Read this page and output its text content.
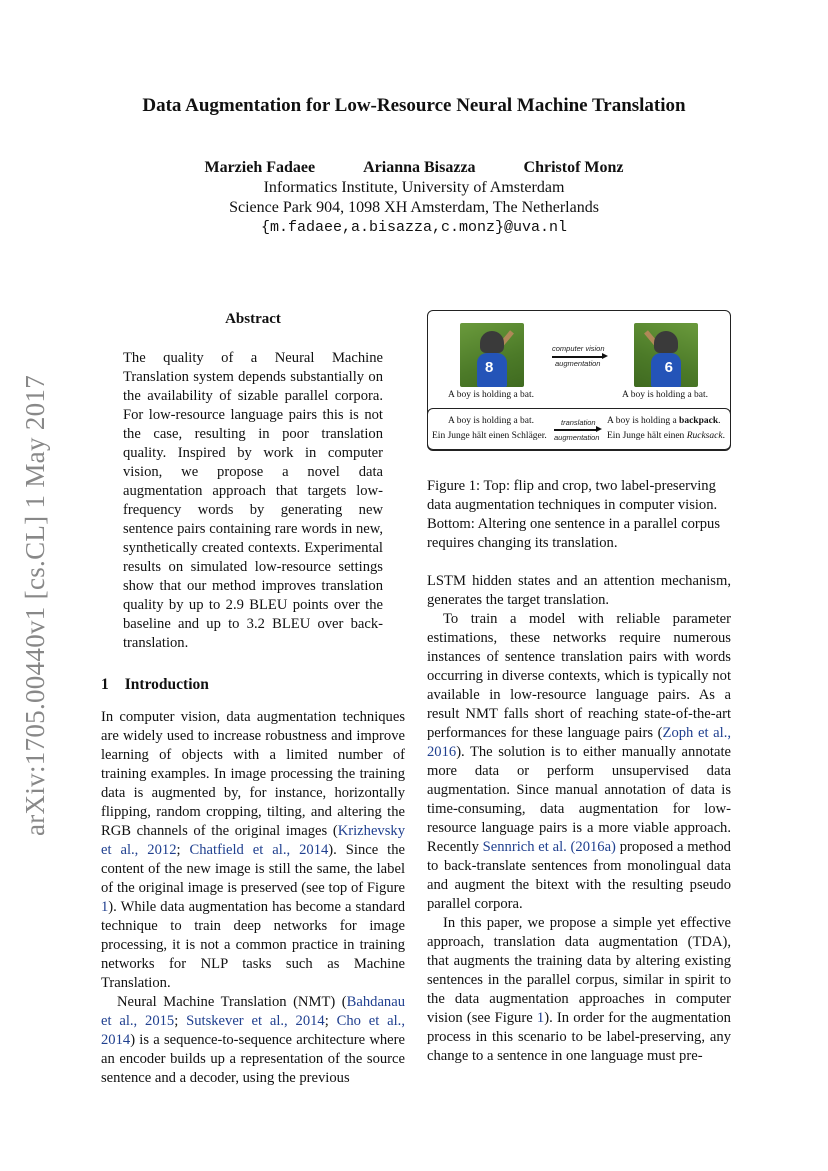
arXiv:1705.00440v1 [cs.CL] 1 May 2017
Data Augmentation for Low-Resource Neural Machine Translation
Marzieh Fadaee	Arianna Bisazza	Christof Monz
Informatics Institute, University of Amsterdam
Science Park 904, 1098 XH Amsterdam, The Netherlands
{m.fadaee,a.bisazza,c.monz}@uva.nl

Abstract

The quality of a Neural Machine Translation system depends substantially on the availability of sizable parallel corpora. For low-resource language pairs this is not the case, resulting in poor translation quality. Inspired by work in computer vision, we propose a novel data augmentation approach that targets low-frequency words by generating new sentence pairs containing rare words in new, synthetically created contexts. Experimental results on simulated low-resource settings show that our method improves translation quality by up to 2.9 BLEU points over the baseline and up to 3.2 BLEU over back-translation.

1 Introduction

In computer vision, data augmentation techniques are widely used to increase robustness and improve learning of objects with a limited number of training examples. In image processing the training data is augmented by, for instance, horizontally flipping, random cropping, tilting, and altering the RGB channels of the original images (Krizhevsky et al., 2012; Chatfield et al., 2014). Since the content of the new image is still the same, the label of the original image is preserved (see top of Figure 1). While data augmentation has become a standard technique to train deep networks for image processing, it is not a common practice in training networks for NLP tasks such as Machine Translation.

Neural Machine Translation (NMT) (Bahdanau et al., 2015; Sutskever et al., 2014; Cho et al., 2014) is a sequence-to-sequence architecture where an encoder builds up a representation of the source sentence and a decoder, using the previous

8
A boy is holding a bat.
computer vision
augmentation	6
A boy is holding a bat.
A boy is holding a bat.
Ein Junge hält einen Schläger.
translation
augmentation
A boy is holding a backpack.
Ein Junge hält einen Rucksack.

Figure 1: Top: flip and crop, two label-preserving data augmentation techniques in computer vision. Bottom: Altering one sentence in a parallel corpus requires changing its translation.

LSTM hidden states and an attention mechanism, generates the target translation.

To train a model with reliable parameter estimations, these networks require numerous instances of sentence translation pairs with words occurring in diverse contexts, which is typically not available in low-resource language pairs. As a result NMT falls short of reaching state-of-the-art performances for these language pairs (Zoph et al., 2016). The solution is to either manually annotate more data or perform unsupervised data augmentation. Since manual annotation of data is time-consuming, data augmentation for low-resource language pairs is a more viable approach. Recently Sennrich et al. (2016a) proposed a method to back-translate sentences from monolingual data and augment the bitext with the resulting pseudo parallel corpora.

In this paper, we propose a simple yet effective approach, translation data augmentation (TDA), that augments the training data by altering existing sentences in the parallel corpus, similar in spirit to the data augmentation approaches in computer vision (see Figure 1). In order for the augmentation process in this scenario to be label-preserving, any change to a sentence in one language must pre-
